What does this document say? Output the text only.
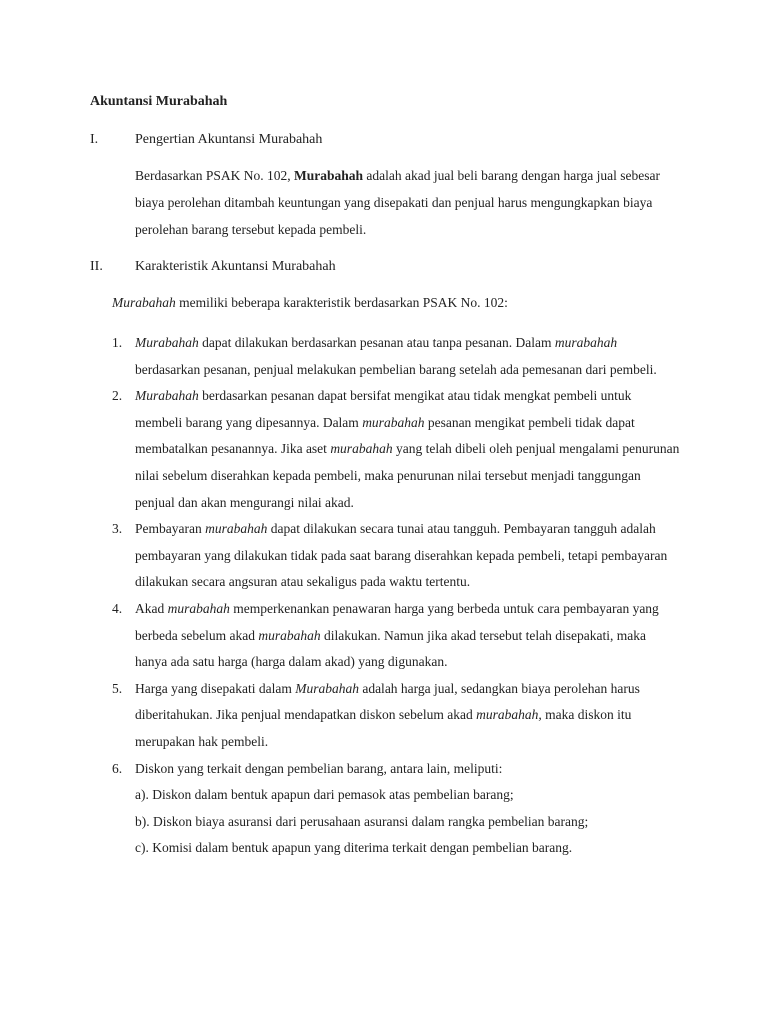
Akuntansi Murabahah
I.	Pengertian Akuntansi Murabahah
Berdasarkan PSAK No. 102, Murabahah adalah akad jual beli barang dengan harga jual sebesar biaya perolehan ditambah keuntungan yang disepakati dan penjual harus mengungkapkan biaya perolehan barang tersebut kepada pembeli.
II. Karakteristik Akuntansi Murabahah
Murabahah memiliki beberapa karakteristik berdasarkan PSAK No. 102:
1. Murabahah dapat dilakukan berdasarkan pesanan atau tanpa pesanan. Dalam murabahah berdasarkan pesanan, penjual melakukan pembelian barang setelah ada pemesanan dari pembeli.
2. Murabahah berdasarkan pesanan dapat bersifat mengikat atau tidak mengkat pembeli untuk membeli barang yang dipesannya. Dalam murabahah pesanan mengikat pembeli tidak dapat membatalkan pesanannya. Jika aset murabahah yang telah dibeli oleh penjual mengalami penurunan nilai sebelum diserahkan kepada pembeli, maka penurunan nilai tersebut menjadi tanggungan penjual dan akan mengurangi nilai akad.
3. Pembayaran murabahah dapat dilakukan secara tunai atau tangguh. Pembayaran tangguh adalah pembayaran yang dilakukan tidak pada saat barang diserahkan kepada pembeli, tetapi pembayaran dilakukan secara angsuran atau sekaligus pada waktu tertentu.
4. Akad murabahah memperkenankan penawaran harga yang berbeda untuk cara pembayaran yang berbeda sebelum akad murabahah dilakukan. Namun jika akad tersebut telah disepakati, maka hanya ada satu harga (harga dalam akad) yang digunakan.
5. Harga yang disepakati dalam Murabahah adalah harga jual, sedangkan biaya perolehan harus diberitahukan. Jika penjual mendapatkan diskon sebelum akad murabahah, maka diskon itu merupakan hak pembeli.
6. Diskon yang terkait dengan pembelian barang, antara lain, meliputi:
a). Diskon dalam bentuk apapun dari pemasok atas pembelian barang;
b). Diskon biaya asuransi dari perusahaan asuransi dalam rangka pembelian barang;
c). Komisi dalam bentuk apapun yang diterima terkait dengan pembelian barang.
